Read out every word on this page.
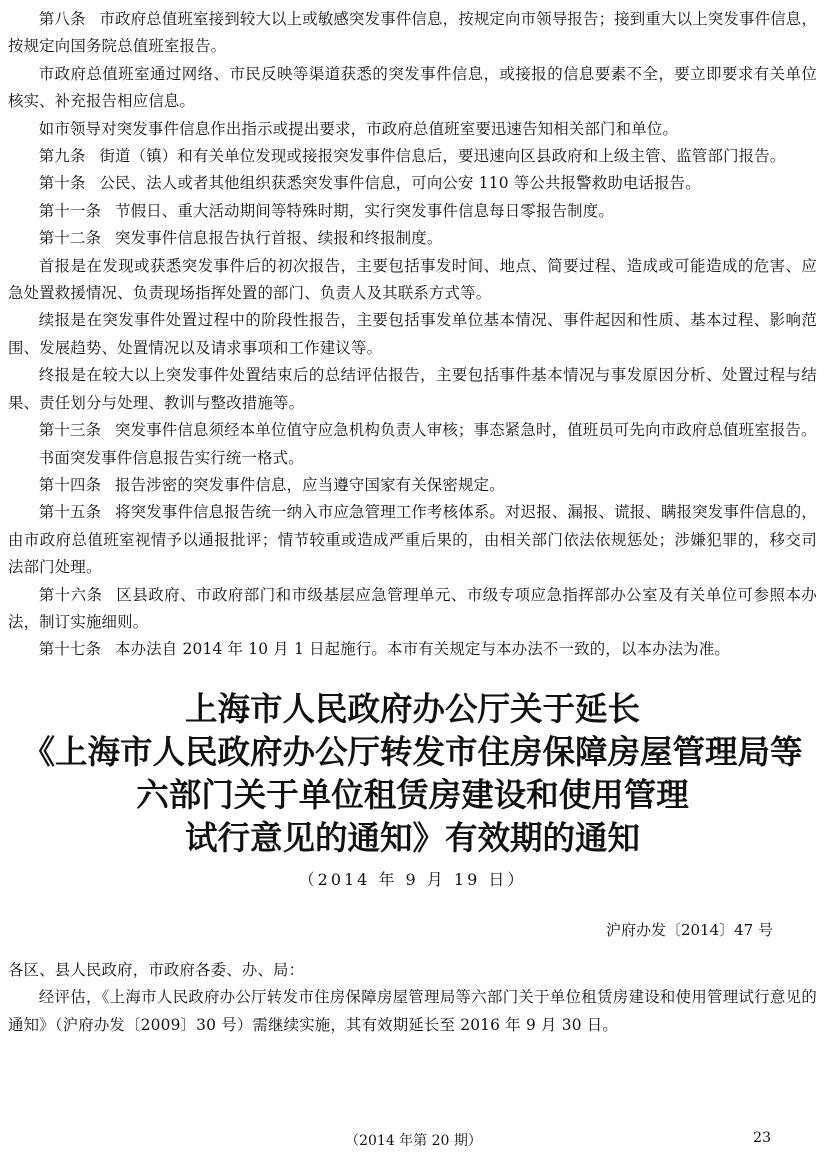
第八条 市政府总值班室接到较大以上或敏感突发事件信息，按规定向市领导报告；接到重大以上突发事件信息，按规定向国务院总值班室报告。

市政府总值班室通过网络、市民反映等渠道获悉的突发事件信息，或接报的信息要素不全，要立即要求有关单位核实、补充报告相应信息。

如市领导对突发事件信息作出指示或提出要求，市政府总值班室要迅速告知相关部门和单位。

第九条 街道（镇）和有关单位发现或接报突发事件信息后，要迅速向区县政府和上级主管、监管部门报告。

第十条 公民、法人或者其他组织获悉突发事件信息，可向公安 110 等公共报警救助电话报告。

第十一条 节假日、重大活动期间等特殊时期，实行突发事件信息每日零报告制度。

第十二条 突发事件信息报告执行首报、续报和终报制度。

首报是在发现或获悉突发事件后的初次报告，主要包括事发时间、地点、简要过程、造成或可能造成的危害、应急处置救援情况、负责现场指挥处置的部门、负责人及其联系方式等。

续报是在突发事件处置过程中的阶段性报告，主要包括事发单位基本情况、事件起因和性质、基本过程、影响范围、发展趋势、处置情况以及请求事项和工作建议等。

终报是在较大以上突发事件处置结束后的总结评估报告，主要包括事件基本情况与事发原因分析、处置过程与结果、责任划分与处理、教训与整改措施等。

第十三条 突发事件信息须经本单位值守应急机构负责人审核；事态紧急时，值班员可先向市政府总值班室报告。

书面突发事件信息报告实行统一格式。

第十四条 报告涉密的突发事件信息，应当遵守国家有关保密规定。

第十五条 将突发事件信息报告统一纳入市应急管理工作考核体系。对迟报、漏报、谎报、瞒报突发事件信息的，由市政府总值班室视情予以通报批评；情节较重或造成严重后果的，由相关部门依法依规惩处；涉嫌犯罪的，移交司法部门处理。

第十六条 区县政府、市政府部门和市级基层应急管理单元、市级专项应急指挥部办公室及有关单位可参照本办法，制订实施细则。

第十七条 本办法自 2014 年 10 月 1 日起施行。本市有关规定与本办法不一致的，以本办法为准。

上海市人民政府办公厅关于延长

《上海市人民政府办公厅转发市住房保障房屋管理局等

六部门关于单位租赁房建设和使用管理

试行意见的通知》有效期的通知

（2014 年 9 月 19 日）

沪府办发〔2014〕47 号

各区、县人民政府，市政府各委、办、局：

经评估，《上海市人民政府办公厅转发市住房保障房屋管理局等六部门关于单位租赁房建设和使用管理试行意见的通知》（沪府办发〔2009〕30 号）需继续实施，其有效期延长至 2016 年 9 月 30 日。

（2014 年第 20 期）	23
